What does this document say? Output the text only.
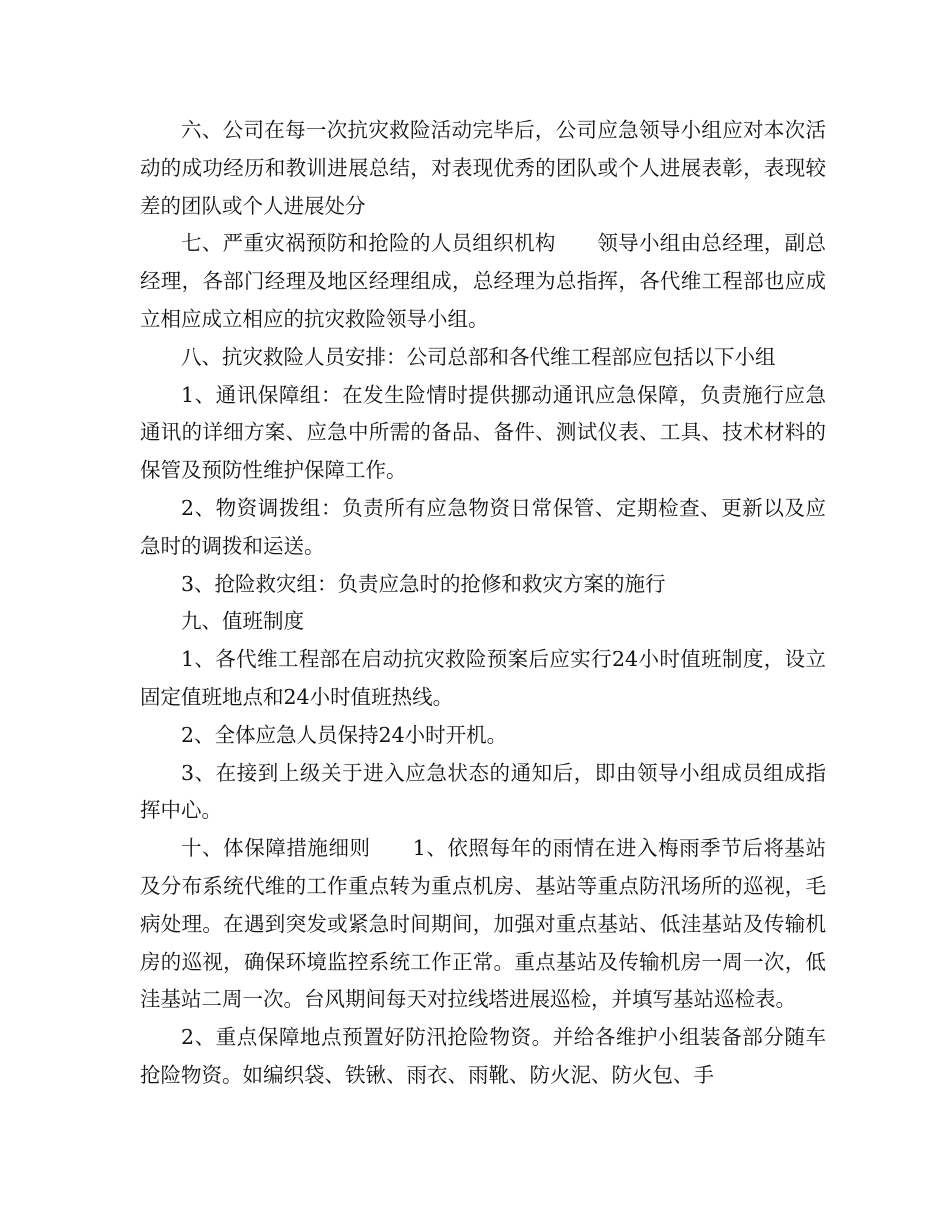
六、公司在每一次抗灾救险活动完毕后，公司应急领导小组应对本次活动的成功经历和教训进展总结，对表现优秀的团队或个人进展表彰，表现较差的团队或个人进展处分

七、严重灾祸预防和抢险的人员组织机构　　领导小组由总经理，副总经理，各部门经理及地区经理组成，总经理为总指挥，各代维工程部也应成立相应成立相应的抗灾救险领导小组。

八、抗灾救险人员安排：公司总部和各代维工程部应包括以下小组

1、通讯保障组：在发生险情时提供挪动通讯应急保障，负责施行应急通讯的详细方案、应急中所需的备品、备件、测试仪表、工具、技术材料的保管及预防性维护保障工作。

2、物资调拨组：负责所有应急物资日常保管、定期检查、更新以及应急时的调拨和运送。

3、抢险救灾组：负责应急时的抢修和救灾方案的施行

九、值班制度

1、各代维工程部在启动抗灾救险预案后应实行24小时值班制度，设立固定值班地点和24小时值班热线。

2、全体应急人员保持24小时开机。

3、在接到上级关于进入应急状态的通知后，即由领导小组成员组成指挥中心。

十、体保障措施细则　　1、依照每年的雨情在进入梅雨季节后将基站及分布系统代维的工作重点转为重点机房、基站等重点防汛场所的巡视，毛病处理。在遇到突发或紧急时间期间，加强对重点基站、低洼基站及传输机房的巡视，确保环境监控系统工作正常。重点基站及传输机房一周一次，低洼基站二周一次。台风期间每天对拉线塔进展巡检，并填写基站巡检表。

2、重点保障地点预置好防汛抢险物资。并给各维护小组装备部分随车抢险物资。如编织袋、铁锹、雨衣、雨靴、防火泥、防火包、手
